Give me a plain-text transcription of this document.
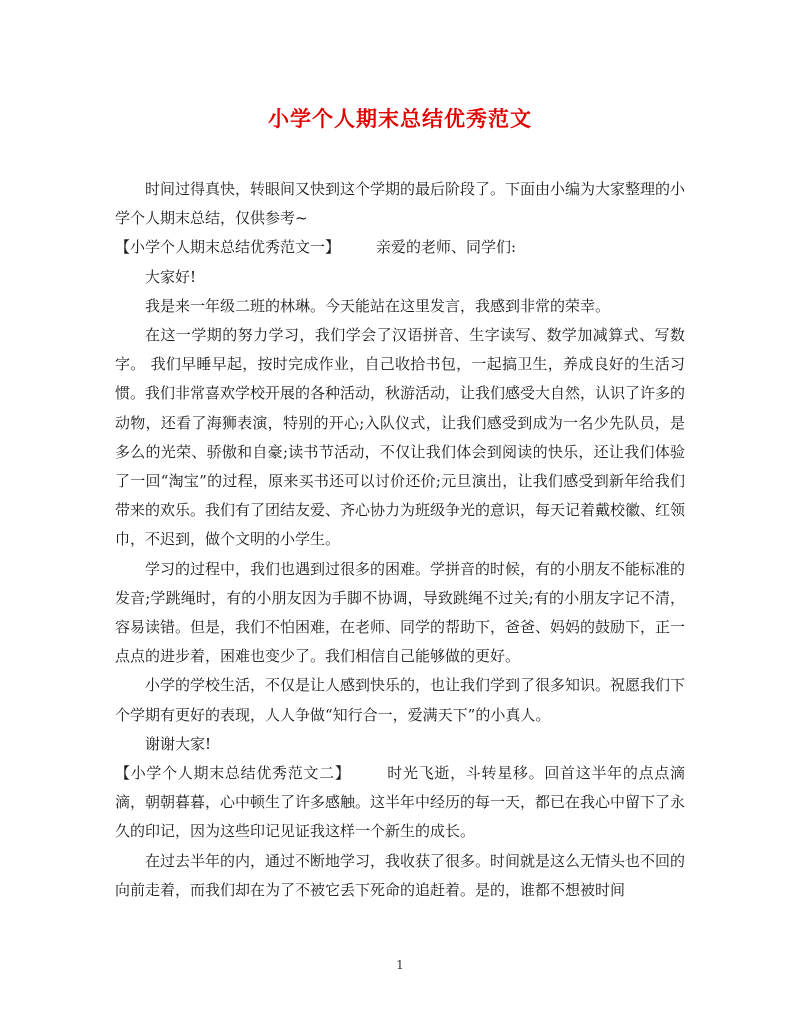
小学个人期末总结优秀范文

时间过得真快，转眼间又快到这个学期的最后阶段了。下面由小编为大家整理的小学个人期末总结，仅供参考~

【小学个人期末总结优秀范文一】 亲爱的老师、同学们:

大家好!

我是来一年级二班的林琳。今天能站在这里发言，我感到非常的荣幸。

在这一学期的努力学习，我们学会了汉语拼音、生字读写、数学加减算式、写数字。 我们早睡早起，按时完成作业，自己收拾书包，一起搞卫生，养成良好的生活习惯。我们非常喜欢学校开展的各种活动，秋游活动，让我们感受大自然，认识了许多的动物，还看了海狮表演，特别的开心;入队仪式，让我们感受到成为一名少先队员，是多么的光荣、骄傲和自豪;读书节活动，不仅让我们体会到阅读的快乐，还让我们体验了一回“淘宝”的过程，原来买书还可以讨价还价;元旦演出，让我们感受到新年给我们带来的欢乐。我们有了团结友爱、齐心协力为班级争光的意识，每天记着戴校徽、红领巾，不迟到，做个文明的小学生。

学习的过程中，我们也遇到过很多的困难。学拼音的时候，有的小朋友不能标准的发音;学跳绳时，有的小朋友因为手脚不协调，导致跳绳不过关;有的小朋友字记不清，容易读错。但是，我们不怕困难，在老师、同学的帮助下，爸爸、妈妈的鼓励下，正一点点的进步着，困难也变少了。我们相信自己能够做的更好。

小学的学校生活，不仅是让人感到快乐的，也让我们学到了很多知识。祝愿我们下个学期有更好的表现，人人争做“知行合一，爱满天下”的小真人。

谢谢大家!

【小学个人期末总结优秀范文二】 时光飞逝，斗转星移。回首这半年的点点滴滴，朝朝暮暮，心中顿生了许多感触。这半年中经历的每一天，都已在我心中留下了永久的印记，因为这些印记见证我这样一个新生的成长。

在过去半年的内，通过不断地学习，我收获了很多。时间就是这么无情头也不回的向前走着，而我们却在为了不被它丢下死命的追赶着。是的，谁都不想被时间

1
